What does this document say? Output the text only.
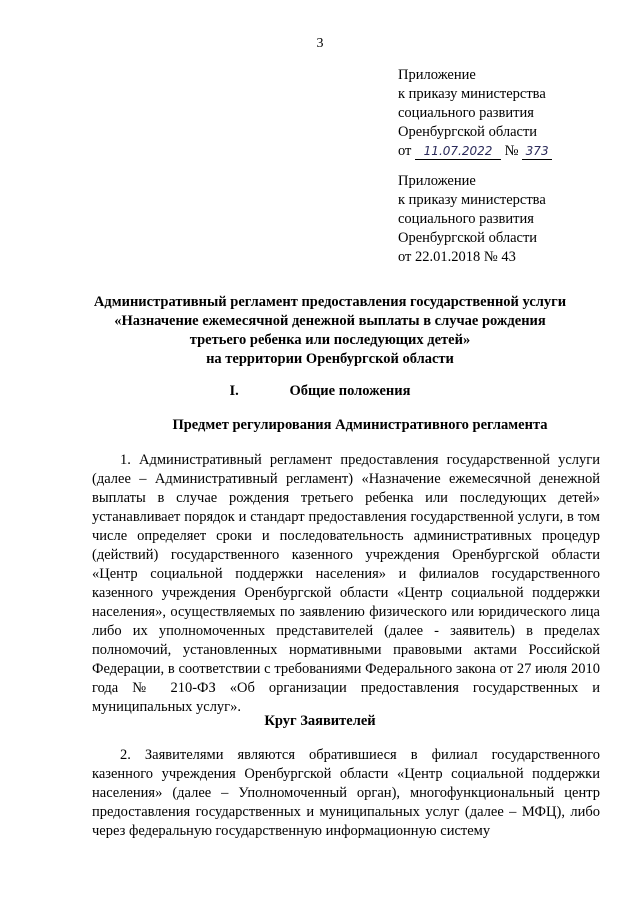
3
Приложение
к приказу министерства
социального развития
Оренбургской области
от 11.07.2022 № 373
Приложение
к приказу министерства
социального развития
Оренбургской области
от 22.01.2018 № 43
Административный регламент предоставления государственной услуги
«Назначение ежемесячной денежной выплаты в случае рождения
третьего ребенка или последующих детей»
на территории Оренбургской области
I.	Общие положения
Предмет регулирования Административного регламента
1. Административный регламент предоставления государственной услуги (далее – Административный регламент) «Назначение ежемесячной денежной выплаты в случае рождения третьего ребенка или последующих детей» устанавливает порядок и стандарт предоставления государственной услуги, в том числе определяет сроки и последовательность административных процедур (действий) государственного казенного учреждения Оренбургской области «Центр социальной поддержки населения» и филиалов государственного казенного учреждения Оренбургской области «Центр социальной поддержки населения», осуществляемых по заявлению физического или юридического лица либо их уполномоченных представителей (далее - заявитель) в пределах полномочий, установленных нормативными правовыми актами Российской Федерации, в соответствии с требованиями Федерального закона от 27 июля 2010 года № 210-ФЗ «Об организации предоставления государственных и муниципальных услуг».
Круг Заявителей
2. Заявителями являются обратившиеся в филиал государственного казенного учреждения Оренбургской области «Центр социальной поддержки населения» (далее – Уполномоченный орган), многофункциональный центр предоставления государственных и муниципальных услуг (далее – МФЦ), либо через федеральную государственную информационную систему
